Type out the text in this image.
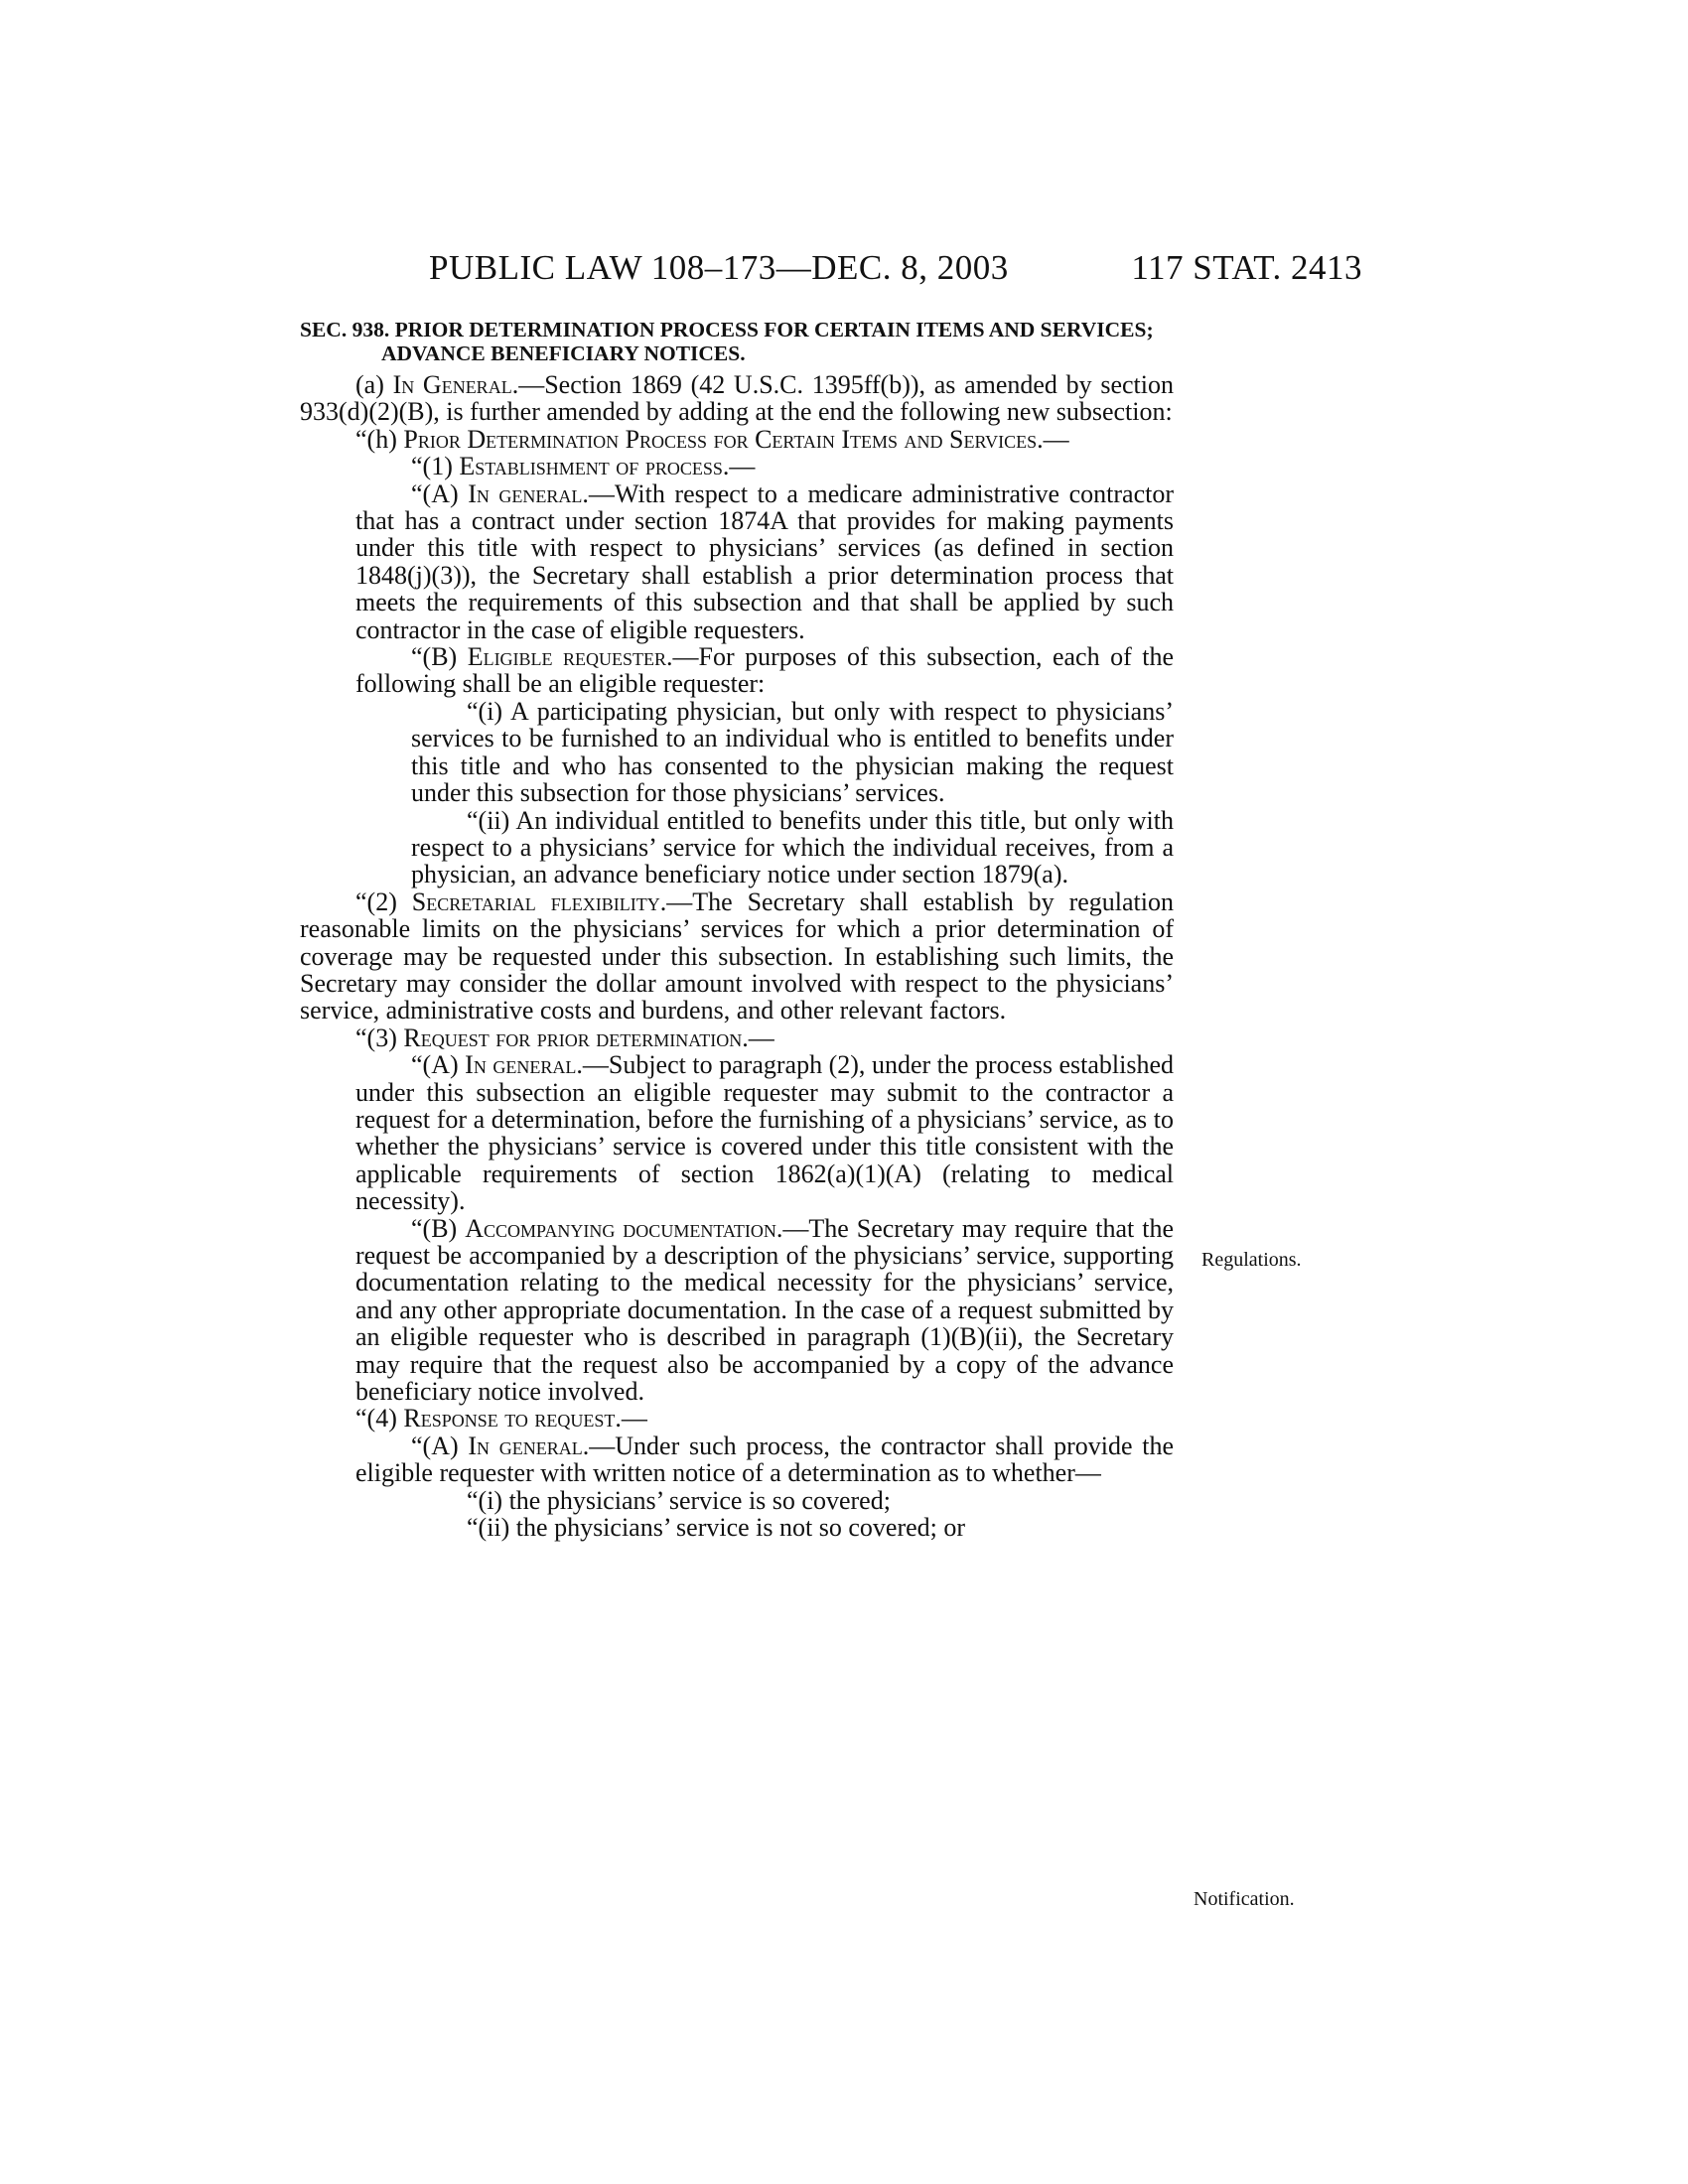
PUBLIC LAW 108–173—DEC. 8, 2003	117 STAT. 2413
SEC. 938. PRIOR DETERMINATION PROCESS FOR CERTAIN ITEMS AND SERVICES; ADVANCE BENEFICIARY NOTICES.

(a) In General.—Section 1869 (42 U.S.C. 1395ff(b)), as amended by section 933(d)(2)(B), is further amended by adding at the end the following new subsection:

“(h) Prior Determination Process for Certain Items and Services.—

“(1) Establishment of process.—

“(A) In general.—With respect to a medicare administrative contractor that has a contract under section 1874A that provides for making payments under this title with respect to physicians’ services (as defined in section 1848(j)(3)), the Secretary shall establish a prior determination process that meets the requirements of this subsection and that shall be applied by such contractor in the case of eligible requesters.

“(B) Eligible requester.—For purposes of this subsection, each of the following shall be an eligible requester:

“(i) A participating physician, but only with respect to physicians’ services to be furnished to an individual who is entitled to benefits under this title and who has consented to the physician making the request under this subsection for those physicians’ services.

“(ii) An individual entitled to benefits under this title, but only with respect to a physicians’ service for which the individual receives, from a physician, an advance beneficiary notice under section 1879(a).

“(2) Secretarial flexibility.—The Secretary shall establish by regulation reasonable limits on the physicians’ services for which a prior determination of coverage may be requested under this subsection. In establishing such limits, the Secretary may consider the dollar amount involved with respect to the physicians’ service, administrative costs and burdens, and other relevant factors.

“(3) Request for prior determination.—

“(A) In general.—Subject to paragraph (2), under the process established under this subsection an eligible requester may submit to the contractor a request for a determination, before the furnishing of a physicians’ service, as to whether the physicians’ service is covered under this title consistent with the applicable requirements of section 1862(a)(1)(A) (relating to medical necessity).

“(B) Accompanying documentation.—The Secretary may require that the request be accompanied by a description of the physicians’ service, supporting documentation relating to the medical necessity for the physicians’ service, and any other appropriate documentation. In the case of a request submitted by an eligible requester who is described in paragraph (1)(B)(ii), the Secretary may require that the request also be accompanied by a copy of the advance beneficiary notice involved.

“(4) Response to request.—

“(A) In general.—Under such process, the contractor shall provide the eligible requester with written notice of a determination as to whether—

“(i) the physicians’ service is so covered;

“(ii) the physicians’ service is not so covered; or

Regulations.
Notification.
